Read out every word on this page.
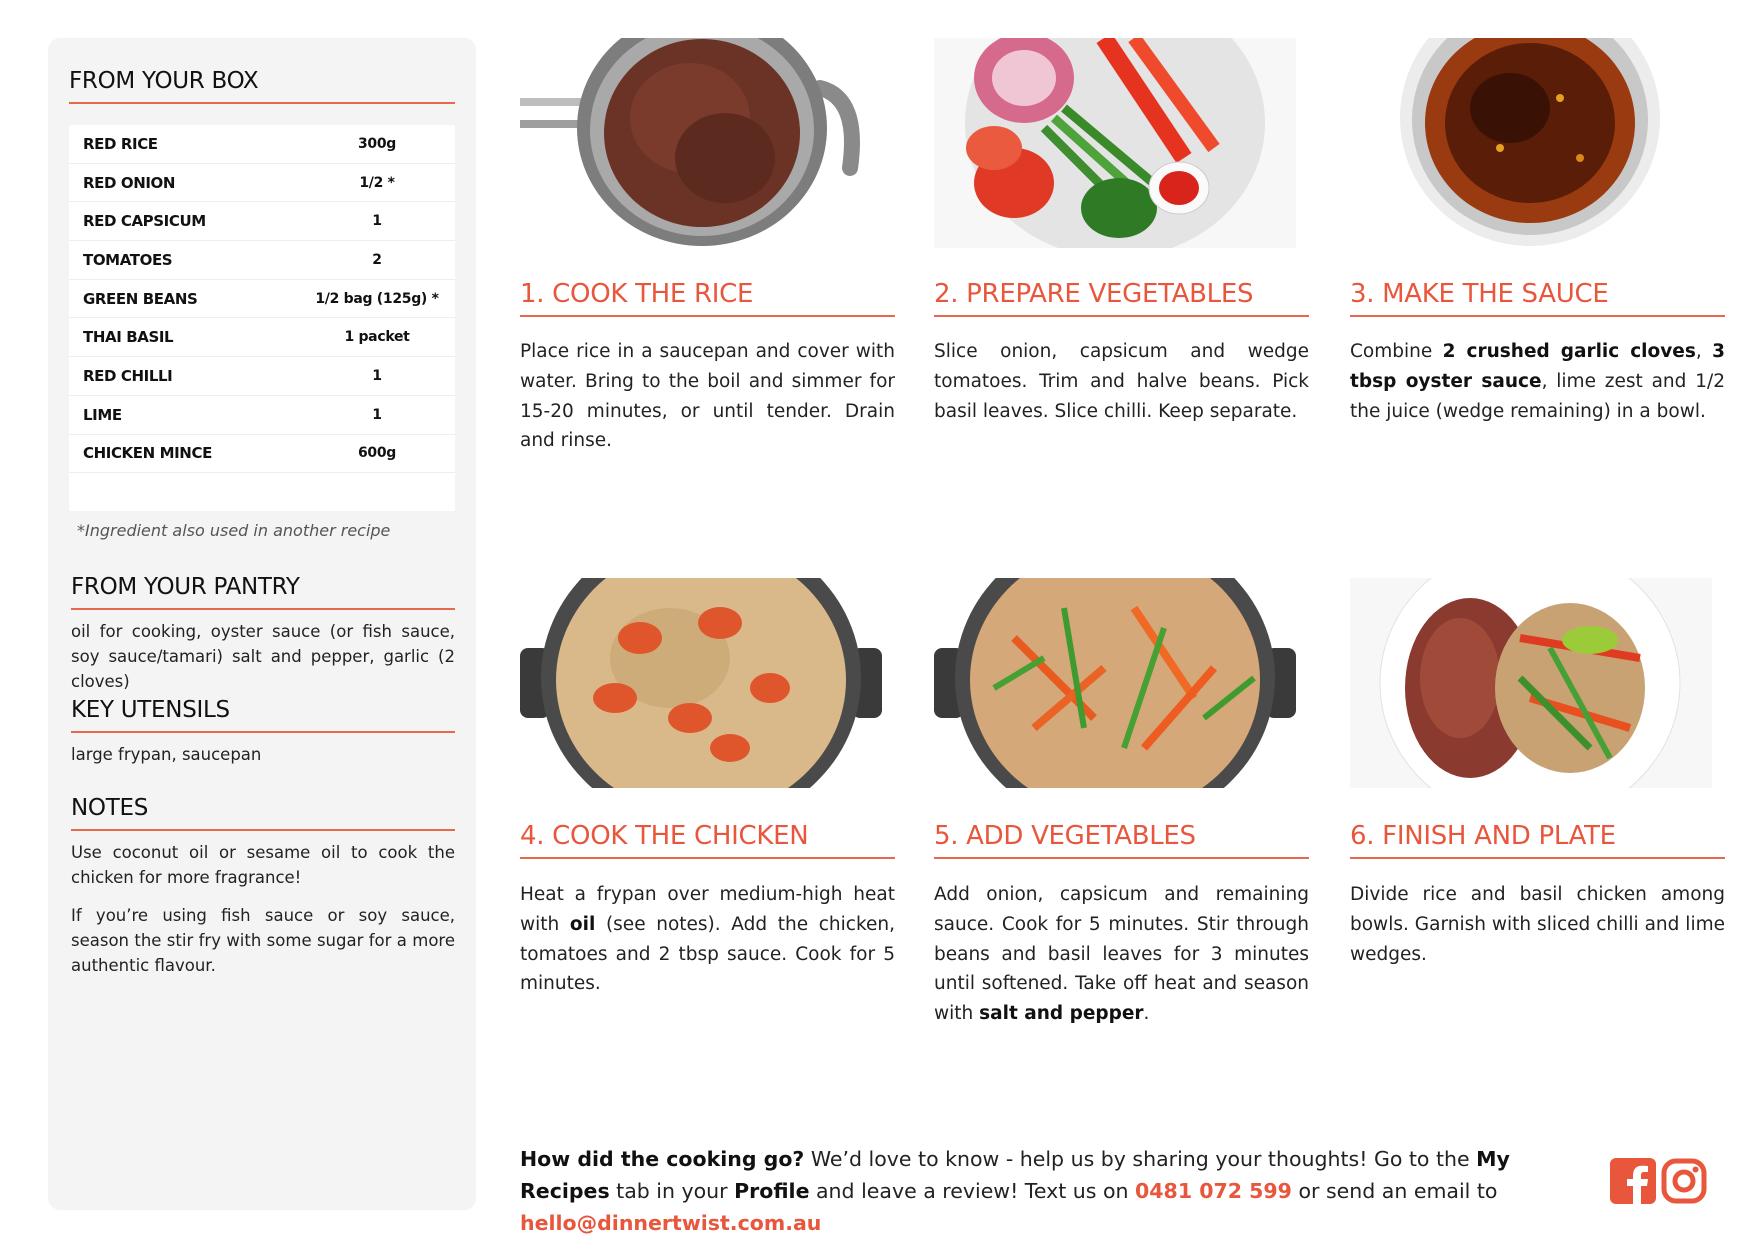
FROM YOUR BOX
RED RICE	300g
RED ONION	1/2 *
RED CAPSICUM	1
TOMATOES	2
GREEN BEANS	1/2 bag (125g) *
THAI BASIL	1 packet
RED CHILLI	1
LIME	1
CHICKEN MINCE	600g
*Ingredient also used in another recipe
FROM YOUR PANTRY
oil for cooking, oyster sauce (or fish sauce, soy sauce/tamari) salt and pepper, garlic (2 cloves)
KEY UTENSILS
large frypan, saucepan
NOTES
Use coconut oil or sesame oil to cook the chicken for more fragrance!
If you’re using fish sauce or soy sauce, season the stir fry with some sugar for a more authentic flavour.
1. COOK THE RICE	2. PREPARE VEGETABLES	3. MAKE THE SAUCE
4. COOK THE CHICKEN	5. ADD VEGETABLES	6. FINISH AND PLATE
Place rice in a saucepan and cover with water. Bring to the boil and simmer for 15-20 minutes, or until tender. Drain and rinse.
Slice onion, capsicum and wedge tomatoes. Trim and halve beans. Pick basil leaves. Slice chilli. Keep separate.
Combine 2 crushed garlic cloves, 3 tbsp oyster sauce, lime zest and 1/2 the juice (wedge remaining) in a bowl.
Heat a frypan over medium-high heat with oil (see notes). Add the chicken, tomatoes and 2 tbsp sauce. Cook for 5 minutes.
Add onion, capsicum and remaining sauce. Cook for 5 minutes. Stir through beans and basil leaves for 3 minutes until softened. Take off heat and season with salt and pepper.
Divide rice and basil chicken among bowls. Garnish with sliced chilli and lime wedges.
How did the cooking go? We’d love to know - help us by sharing your thoughts! Go to the My Recipes tab in your Profile and leave a review! Text us on 0481 072 599 or send an email to hello@dinnertwist.com.au
